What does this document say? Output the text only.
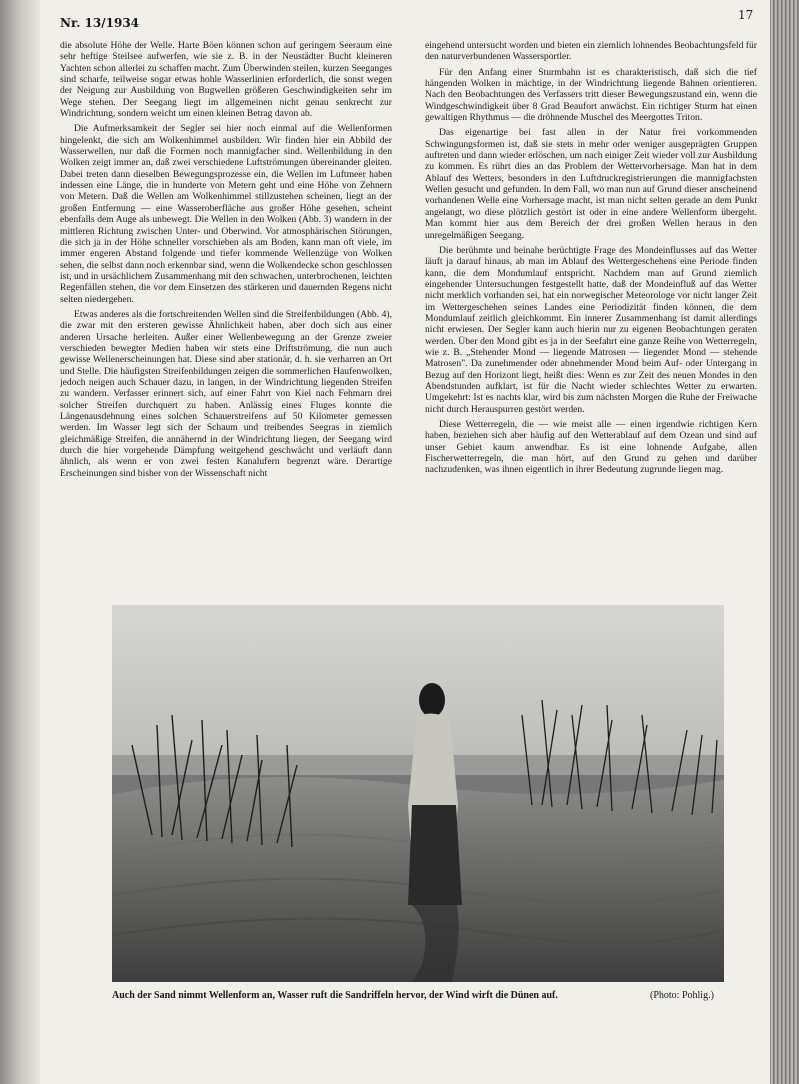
Nr. 13/1934
17

die absolute Höhe der Welle. Harte Böen können schon auf geringem Seeraum eine sehr heftige Steilsee aufwerfen, wie sie z. B. in der Neustädter Bucht kleineren Yachten schon allerlei zu schaffen macht. Zum Überwinden steilen, kurzen Seeganges sind scharfe, teilweise sogar etwas hohle Wasserlinien erforderlich, die sonst wegen der Neigung zur Ausbildung von Bugwellen größeren Geschwindigkeiten sehr im Wege stehen. Der Seegang liegt im allgemeinen nicht genau senkrecht zur Windrichtung, sondern weicht um einen kleinen Betrag davon ab.

Die Aufmerksamkeit der Segler sei hier noch einmal auf die Wellenformen hingelenkt, die sich am Wolkenhimmel ausbilden. Wir finden hier ein Abbild der Wasserwellen, nur daß die Formen noch mannigfacher sind. Wellenbildung in den Wolken zeigt immer an, daß zwei verschiedene Luftströmungen übereinander gleiten. Dabei treten dann dieselben Bewegungsprozesse ein, die Wellen im Luftmeer haben indessen eine Länge, die in hunderte von Metern geht und eine Höhe von Zehnern von Metern. Daß die Wellen am Wolkenhimmel stillzustehen scheinen, liegt an der großen Entfernung — eine Wasseroberfläche aus großer Höhe gesehen, scheint ebenfalls dem Auge als unbewegt. Die Wellen in den Wolken (Abb. 3) wandern in der mittleren Richtung zwischen Unter- und Oberwind. Vor atmosphärischen Störungen, die sich ja in der Höhe schneller vorschieben als am Boden, kann man oft viele, im immer engeren Abstand folgende und tiefer kommende Wellenzüge von Wolken sehen, die selbst dann noch erkennbar sind, wenn die Wolkendecke schon geschlossen ist, und in ursächlichem Zusammenhang mit den schwachen, unterbrochenen, leichten Regenfällen stehen, die vor dem Einsetzen des stärkeren und dauernden Regens nicht selten niedergehen.

Etwas anderes als die fortschreitenden Wellen sind die Streifenbildungen (Abb. 4), die zwar mit den ersteren gewisse Ähnlichkeit haben, aber doch sich aus einer anderen Ursache herleiten. Außer einer Wellenbewegung an der Grenze zweier verschieden bewegter Medien haben wir stets eine Driftströmung, die nun auch gewisse Wellenerscheinungen hat. Diese sind aber stationär, d. h. sie verharren an Ort und Stelle. Die häufigsten Streifenbildungen zeigen die sommerlichen Haufenwolken, jedoch neigen auch Schauer dazu, in langen, in der Windrichtung liegenden Streifen zu wandern. Verfasser erinnert sich, auf einer Fahrt von Kiel nach Fehmarn drei solcher Streifen durchquert zu haben. Anlässig eines Fluges konnte die Längenausdehnung eines solchen Schauerstreifens auf 50 Kilometer gemessen werden. Im Wasser legt sich der Schaum und treibendes Seegras in ziemlich gleichmäßige Streifen, die annähernd in der Windrichtung liegen, der Seegang wird durch die hier vorgehende Dämpfung weitgehend geschwächt und verläuft dann ähnlich, als wenn er von zwei festen Kanalufern begrenzt wäre. Derartige Erscheinungen sind bisher von der Wissenschaft nicht

eingehend untersucht worden und bieten ein ziemlich lohnendes Beobachtungsfeld für den naturverbundenen Wassersportler.

Für den Anfang einer Sturmbahn ist es charakteristisch, daß sich die tief hängenden Wolken in mächtige, in der Windrichtung liegende Bahnen orientieren. Nach den Beobachtungen des Verfassers tritt dieser Bewegungszustand ein, wenn die Windgeschwindigkeit über 8 Grad Beaufort anwächst. Ein richtiger Sturm hat einen gewaltigen Rhythmus — die dröhnende Muschel des Meergottes Triton.

Das eigenartige bei fast allen in der Natur frei vorkommenden Schwingungsformen ist, daß sie stets in mehr oder weniger ausgeprägten Gruppen auftreten und dann wieder erlöschen, um nach einiger Zeit wieder voll zur Ausbildung zu kommen. Es rührt dies an das Problem der Wettervorhersage. Man hat in dem Ablauf des Wetters, besonders in den Luftdruckregistrierungen die mannigfachsten Wellen gesucht und gefunden. In dem Fall, wo man nun auf Grund dieser anscheinend vorhandenen Welle eine Vorhersage macht, ist man nicht selten gerade an dem Punkt angelangt, wo diese plötzlich gestört ist oder in eine andere Wellenform übergeht. Man kommt hier aus dem Bereich der drei großen Wellen heraus in den unregelmäßigen Seegang.

Die berühmte und beinahe berüchtigte Frage des Mondeinflusses auf das Wetter läuft ja darauf hinaus, ab man im Ablauf des Wettergeschehens eine Periode finden kann, die dem Mondumlauf entspricht. Nachdem man auf Grund ziemlich eingehender Untersuchungen festgestellt hatte, daß der Mondeinfluß auf das Wetter nicht merklich vorhanden sei, hat ein norwegischer Meteorologe vor nicht langer Zeit im Wettergeschehen seines Landes eine Periodizität finden können, die dem Mondumlauf zeitlich gleichkommt. Ein innerer Zusammenhang ist damit allerdings nicht erwiesen. Der Segler kann auch hierin nur zu eigenen Beobachtungen geraten werden. Über den Mond gibt es ja in der Seefahrt eine ganze Reihe von Wetterregeln, wie z. B. „Stehender Mond — liegende Matrosen — liegender Mond — stehende Matrosen". Da zunehmender oder abnehmender Mond beim Auf- oder Untergang in Bezug auf den Horizont liegt, heißt dies: Wenn es zur Zeit des neuen Mondes in den Abendstunden aufklart, ist für die Nacht wieder schlechtes Wetter zu erwarten. Umgekehrt: Ist es nachts klar, wird bis zum nächsten Morgen die Ruhe der Freiwache nicht durch Herauspurren gestört werden.

Diese Wetterregeln, die — wie meist alle — einen irgendwie richtigen Kern haben, beziehen sich aber häufig auf den Wetterablauf auf dem Ozean und sind auf unser Gebiet kaum anwendbar. Es ist eine lohnende Aufgabe, allen Fischerwetterregeln, die man hört, auf den Grund zu gehen und darüber nachzudenken, was ihnen eigentlich in ihrer Bedeutung zugrunde liegen mag.

Auch der Sand nimmt Wellenform an, Wasser ruft die Sandriffeln hervor, der Wind wirft die Dünen auf.	(Photo: Pohlig.)
